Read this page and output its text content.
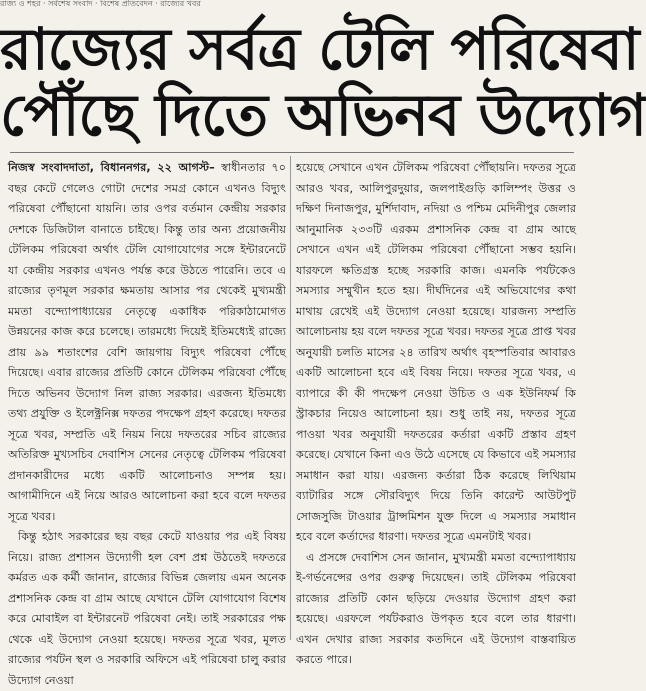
রাজ্য ও শহর · সর্বশেষ সংবাদ · বিশেষ প্রতিবেদন · রাজ্যের খবর
রাজ্যের সর্বত্র টেলি পরিষেবা
পৌঁছে দিতে অভিনব উদ্যোগ

নিজস্ব সংবাদদাতা, বিধাননগর, ২২ আগস্ট– স্বাধীনতার ৭০ বছর কেটে গেলেও গোটা দেশের সমগ্র কোনে এখনও বিদ্যুৎ পরিষেবা পৌঁছানো যায়নি। তার ওপর বর্তমান কেন্দ্রীয় সরকার দেশকে ডিজিটাল বানাতে চাইছে। কিন্তু তার অন্য প্রয়োজনীয় টেলিকম পরিষেবা অর্থাৎ টেলি যোগাযোগের সঙ্গে ইন্টারনেটে যা কেন্দ্রীয় সরকার এখনও পর্যন্ত করে উঠতে পারেনি। তবে এ রাজ্যের তৃণমূল সরকার ক্ষমতায় আসার পর থেকেই মুখ্যমন্ত্রী মমতা বন্দ্যোপাধ্যায়ের নেতৃত্বে একাধিক পরিকাঠামোগত উন্নয়নের কাজ করে চলেছে। তারমধ্যে দিয়েই ইতিমধ্যেই রাজ্যে প্রায় ৯৯ শতাংশের বেশি জায়গায় বিদ্যুৎ পরিষেবা পৌঁছে দিয়েছে। এবার রাজ্যের প্রতিটি কোনে টেলিকম পরিষেবা পৌঁছে দিতে অভিনব উদ্যোগ নিল রাজ্য সরকার। এরজন্য ইতিমধ্যে তথ্য প্রযুক্তি ও ইলেক্ট্রনিক্স দফতর পদক্ষেপ গ্রহণ করেছে। দফতর সূত্রে খবর, সম্প্রতি এই নিয়ম নিয়ে দফতরের সচিব রাজ্যের অতিরিক্ত মুখ্যসচিব দেবাশিস সেনের নেতৃত্বে টেলিকম পরিষেবা প্রদানকারীদের মধ্যে একটি আলোচনাও সম্পন্ন হয়। আগামীদিনে এই নিয়ে আরও আলোচনা করা হবে বলে দফতর সূত্রে খবর।

কিন্তু হঠাৎ সরকারের ছয় বছর কেটে যাওয়ার পর এই বিষয় নিয়ে। রাজ্য প্রশাসন উদ্যোগী হল বেশ প্রশ্ন উঠতেই দফতরে কর্মরত এক কর্মী জানান, রাজ্যের বিভিন্ন জেলায় এমন অনেক প্রশাসনিক কেন্দ্র বা গ্রাম আছে যেখানে টেলি যোগাযোগ বিশেষ করে মোবাইল বা ইন্টারনেট পরিষেবা নেই। তাই সরকারের পক্ষ থেকে এই উদ্যোগ নেওয়া হয়েছে। দফতর সূত্রে খবর, মূলত রাজ্যের পর্যটন স্থল ও সরকারি অফিসে এই পরিষেবা চালু করার উদ্যোগ নেওয়া

হয়েছে সেখানে এখন টেলিকম পরিষেবা পৌঁছায়নি। দফতর সূত্রে আরও খবর, আলিপুরদুয়ার, জলপাইগুড়ি কালিম্পং উত্তর ও দক্ষিণ দিনাজপুর, মুর্শিদাবাদ, নদিয়া ও পশ্চিম মেদিনীপুর জেলার আনুমানিক ২৩৩টি এরকম প্রশাসনিক কেন্দ্র বা গ্রাম আছে সেখানে এখন এই টেলিকম পরিষেবা পৌঁছানো সম্ভব হয়নি। যারফলে ক্ষতিগ্রস্ত হচ্ছে সরকারি কাজ। এমনকি পর্যটকেও সমস্যার সম্মুখীন হতে হয়। দীর্ঘদিনের এই অভিযোগের কথা মাথায় রেখেই এই উদ্যোগ নেওয়া হয়েছে। যারজন্য সম্প্রতি আলোচনায় হয় বলে দফতর সূত্রে খবর। দফতর সূত্রে প্রাপ্ত খবর অনুযায়ী চলতি মাসের ২৪ তারিখ অর্থাৎ বৃহস্পতিবার আবারও একটি আলোচনা হবে এই বিষয় নিয়ে। দফতর সূত্রে খবর, এ ব্যাপারে কী কী পদক্ষেপ নেওয়া উচিত ও এক ইউনিফর্ম কি স্ট্রাকচার নিয়েও আলোচনা হয়। শুধু তাই নয়, দফতর সূত্রে পাওয়া খবর অনুযায়ী দফতরের কর্তারা একটি প্রস্তাব গ্রহণ করেছে। যেখানে কিনা এও উঠে এসেছে যে কিভাবে এই সমস্যার সমাধান করা যায়। এরজন্য কর্তারা ঠিক করেছে লিথিয়াম ব্যাটারির সঙ্গে সৌরবিদ্যুৎ দিয়ে তিনি কারেন্ট আউটপুট সোজসুজি টাওয়ার ট্রান্সমিশন যুক্ত দিলে এ সমস্যার সমাধান হবে বলে কর্তাদের ধারণা। দফতর সূত্রে এমনটাই খবর।

এ প্রসঙ্গে দেবাশিস সেন জানান, মুখ্যমন্ত্রী মমতা বন্দ্যোপাধ্যায় ই-গর্ভনেন্সের ওপর গুরুত্ব দিয়েছেন। তাই টেলিকম পরিষেবা রাজ্যের প্রতিটি কোন ছড়িয়ে দেওয়ার উদ্যোগ গ্রহণ করা হয়েছে। এরফলে পর্যটকরাও উপকৃত হবে বলে তার ধারণা। এখন দেখার রাজ্য সরকার কতদিনে এই উদ্যোগ বাস্তবায়িত করতে পারে।
